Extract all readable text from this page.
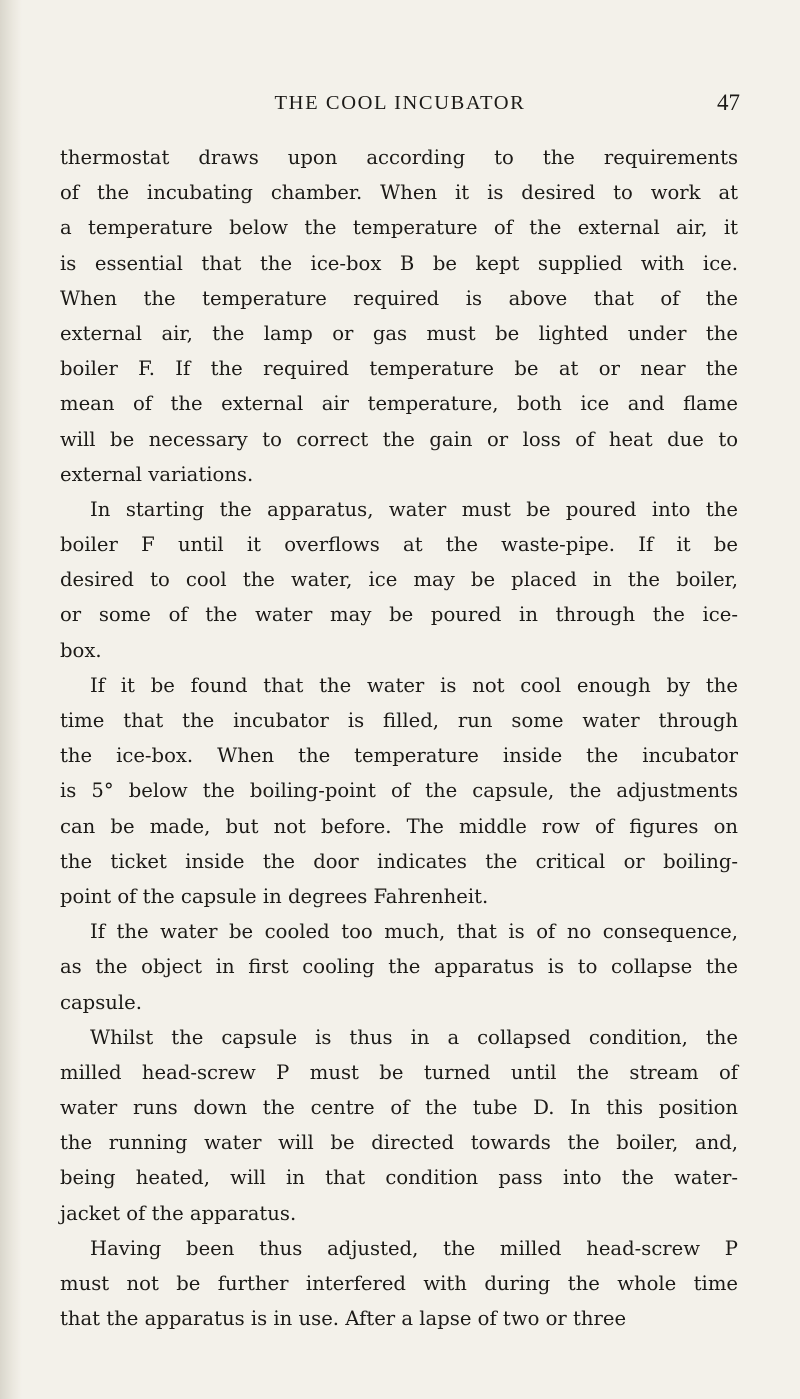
THE COOL INCUBATOR	47
thermostat draws upon according to the requirements
of the incubating chamber. When it is desired to work at
a temperature below the temperature of the external air, it
is essential that the ice-box B be kept supplied with ice.
When the temperature required is above that of the
external air, the lamp or gas must be lighted under the
boiler F. If the required temperature be at or near the
mean of the external air temperature, both ice and flame
will be necessary to correct the gain or loss of heat due to
external variations.
In starting the apparatus, water must be poured into the
boiler F until it overflows at the waste-pipe. If it be
desired to cool the water, ice may be placed in the boiler,
or some of the water may be poured in through the ice-
box.
If it be found that the water is not cool enough by the
time that the incubator is filled, run some water through
the ice-box. When the temperature inside the incubator
is 5° below the boiling-point of the capsule, the adjustments
can be made, but not before. The middle row of figures on
the ticket inside the door indicates the critical or boiling-
point of the capsule in degrees Fahrenheit.
If the water be cooled too much, that is of no consequence,
as the object in first cooling the apparatus is to collapse the
capsule.
Whilst the capsule is thus in a collapsed condition, the
milled head-screw P must be turned until the stream of
water runs down the centre of the tube D. In this position
the running water will be directed towards the boiler, and,
being heated, will in that condition pass into the water-
jacket of the apparatus.
Having been thus adjusted, the milled head-screw P
must not be further interfered with during the whole time
that the apparatus is in use. After a lapse of two or three
